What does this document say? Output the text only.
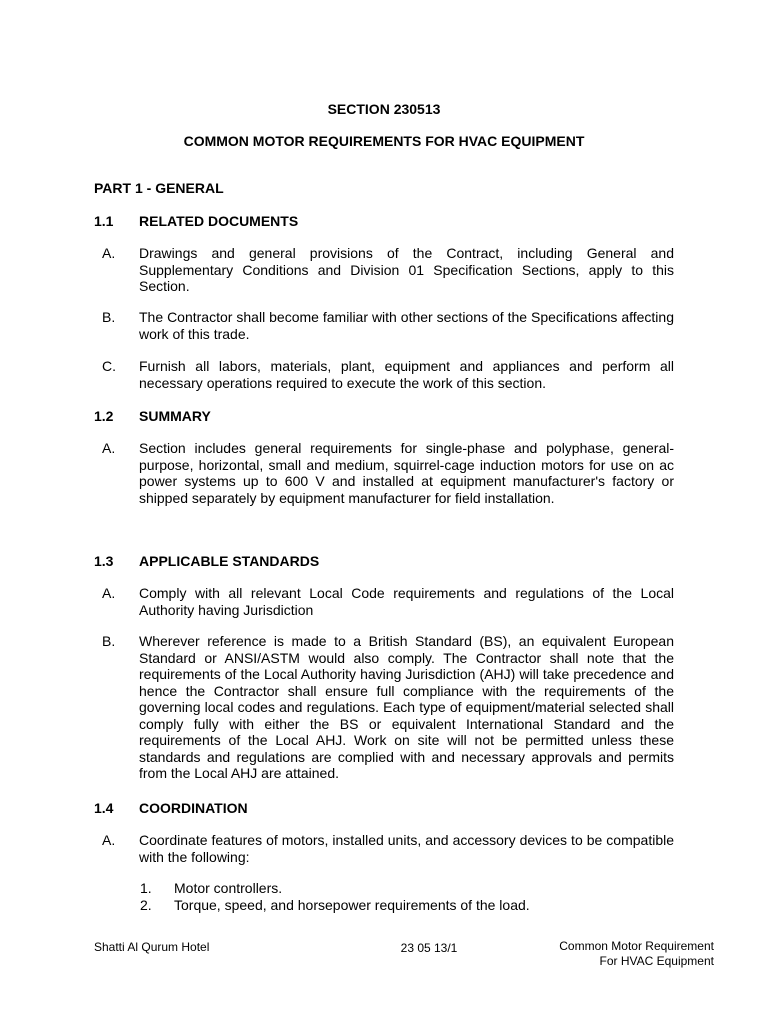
SECTION 230513
COMMON MOTOR REQUIREMENTS FOR HVAC EQUIPMENT
PART 1 - GENERAL
1.1 RELATED DOCUMENTS
A.	Drawings and general provisions of the Contract, including General and Supplementary Conditions and Division 01 Specification Sections, apply to this Section.
B.	The Contractor shall become familiar with other sections of the Specifications affecting work of this trade.
C.	Furnish all labors, materials, plant, equipment and appliances and perform all necessary operations required to execute the work of this section.
1.2 SUMMARY
A.	Section includes general requirements for single-phase and polyphase, general-purpose, horizontal, small and medium, squirrel-cage induction motors for use on ac power systems up to 600 V and installed at equipment manufacturer's factory or shipped separately by equipment manufacturer for field installation.
1.3 APPLICABLE STANDARDS
A.	Comply with all relevant Local Code requirements and regulations of the Local Authority having Jurisdiction
B.	Wherever reference is made to a British Standard (BS), an equivalent European Standard or ANSI/ASTM would also comply. The Contractor shall note that the requirements of the Local Authority having Jurisdiction (AHJ) will take precedence and hence the Contractor shall ensure full compliance with the requirements of the governing local codes and regulations. Each type of equipment/material selected shall comply fully with either the BS or equivalent International Standard and the requirements of the Local AHJ. Work on site will not be permitted unless these standards and regulations are complied with and necessary approvals and permits from the Local AHJ are attained.
1.4 COORDINATION
A.	Coordinate features of motors, installed units, and accessory devices to be compatible with the following:
1. Motor controllers.
2. Torque, speed, and horsepower requirements of the load.
Shatti Al Qurum Hotel	23 05 13/1	Common Motor Requirement
For HVAC Equipment
